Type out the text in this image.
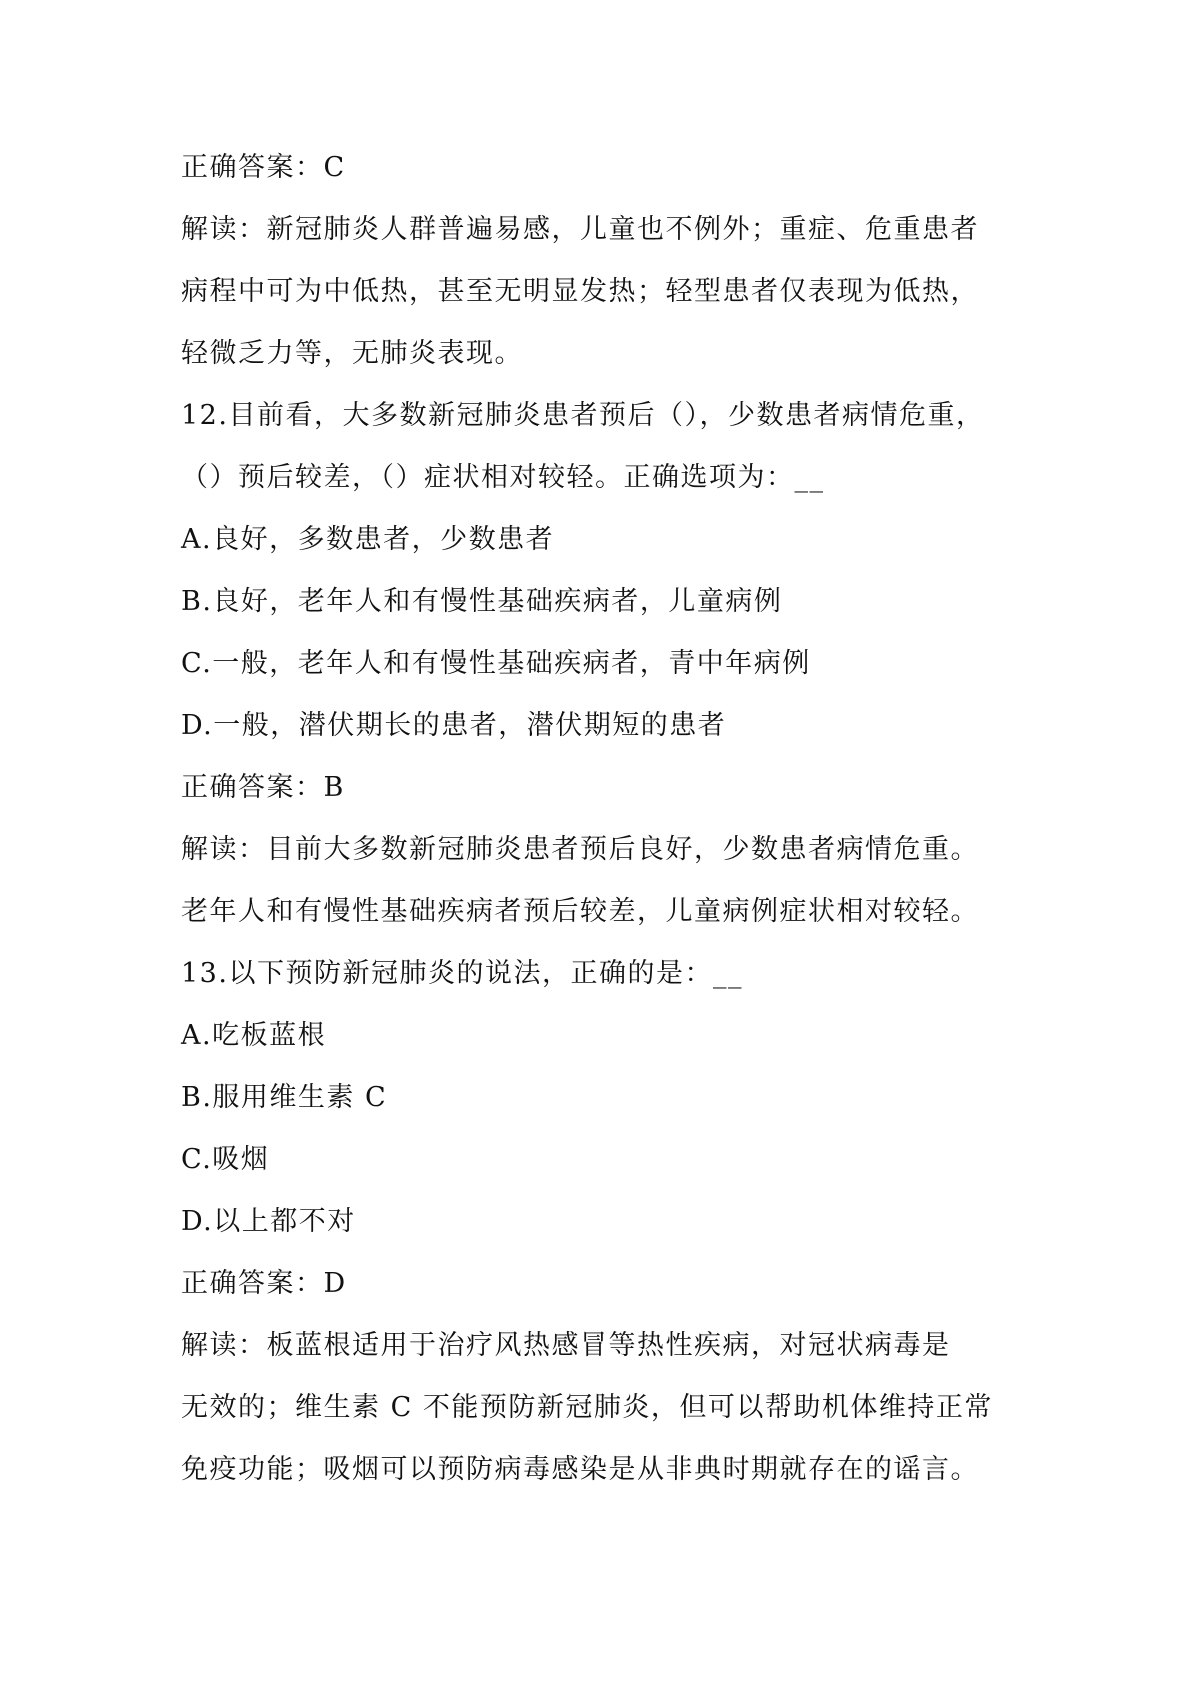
正确答案：C
解读：新冠肺炎人群普遍易感，儿童也不例外；重症、危重患者
病程中可为中低热，甚至无明显发热；轻型患者仅表现为低热，
轻微乏力等，无肺炎表现。
12.目前看，大多数新冠肺炎患者预后（），少数患者病情危重，
（）预后较差，（）症状相对较轻。正确选项为：__
A.良好，多数患者，少数患者
B.良好，老年人和有慢性基础疾病者，儿童病例
C.一般，老年人和有慢性基础疾病者，青中年病例
D.一般，潜伏期长的患者，潜伏期短的患者
正确答案：B
解读：目前大多数新冠肺炎患者预后良好，少数患者病情危重。
老年人和有慢性基础疾病者预后较差，儿童病例症状相对较轻。
13.以下预防新冠肺炎的说法，正确的是：__
A.吃板蓝根
B.服用维生素 C
C.吸烟
D.以上都不对
正确答案：D
解读：板蓝根适用于治疗风热感冒等热性疾病，对冠状病毒是
无效的；维生素 C 不能预防新冠肺炎，但可以帮助机体维持正常
免疫功能；吸烟可以预防病毒感染是从非典时期就存在的谣言。
